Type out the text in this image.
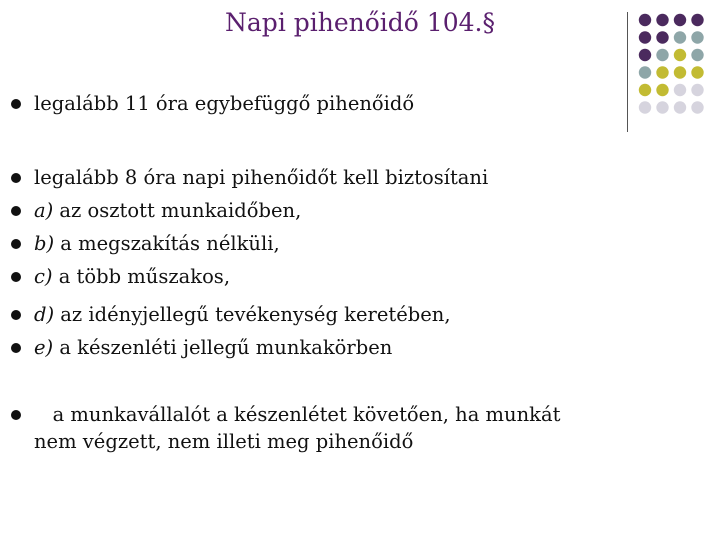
Napi pihenőidő 104.§
legalább 11 óra egybefüggő pihenőidő
legalább 8 óra napi pihenőidőt kell biztosítani
a) az osztott munkaidőben,
b) a megszakítás nélküli,
c) a több műszakos,
d) az idényjellegű tevékenység keretében,
e) a készenléti jellegű munkakörben
a munkavállalót a készenlétet követően, ha munkát nem végzett, nem illeti meg pihenőidő
